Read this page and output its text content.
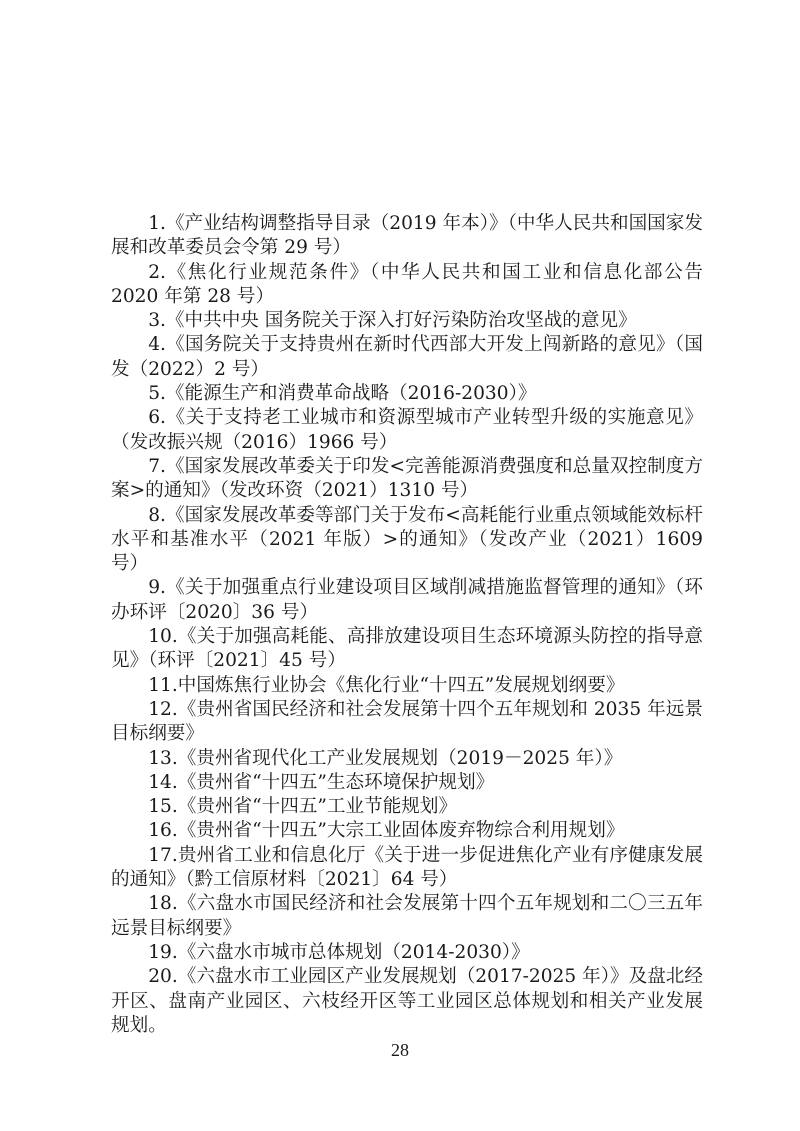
1.《产业结构调整指导目录（2019 年本）》（中华人民共和国国家发展和改革委员会令第 29 号）

2.《焦化行业规范条件》（中华人民共和国工业和信息化部公告 2020 年第 28 号）

3.《中共中央 国务院关于深入打好污染防治攻坚战的意见》

4.《国务院关于支持贵州在新时代西部大开发上闯新路的意见》（国发（2022）2 号）

5.《能源生产和消费革命战略（2016-2030）》

6.《关于支持老工业城市和资源型城市产业转型升级的实施意见》（发改振兴规（2016）1966 号）

7.《国家发展改革委关于印发<完善能源消费强度和总量双控制度方案>的通知》（发改环资（2021）1310 号）

8.《国家发展改革委等部门关于发布<高耗能行业重点领域能效标杆水平和基准水平（2021 年版）>的通知》（发改产业（2021）1609 号）

9.《关于加强重点行业建设项目区域削减措施监督管理的通知》（环办环评〔2020〕36 号）

10.《关于加强高耗能、高排放建设项目生态环境源头防控的指导意见》（环评〔2021〕45 号）

11.中国炼焦行业协会《焦化行业“十四五”发展规划纲要》

12.《贵州省国民经济和社会发展第十四个五年规划和 2035 年远景目标纲要》

13.《贵州省现代化工产业发展规划（2019－2025 年）》

14.《贵州省“十四五”生态环境保护规划》

15.《贵州省“十四五”工业节能规划》

16.《贵州省“十四五”大宗工业固体废弃物综合利用规划》

17.贵州省工业和信息化厅《关于进一步促进焦化产业有序健康发展的通知》（黔工信原材料〔2021〕64 号）

18.《六盘水市国民经济和社会发展第十四个五年规划和二〇三五年远景目标纲要》

19.《六盘水市城市总体规划（2014-2030）》

20.《六盘水市工业园区产业发展规划（2017-2025 年）》及盘北经开区、盘南产业园区、六枝经开区等工业园区总体规划和相关产业发展规划。

28
